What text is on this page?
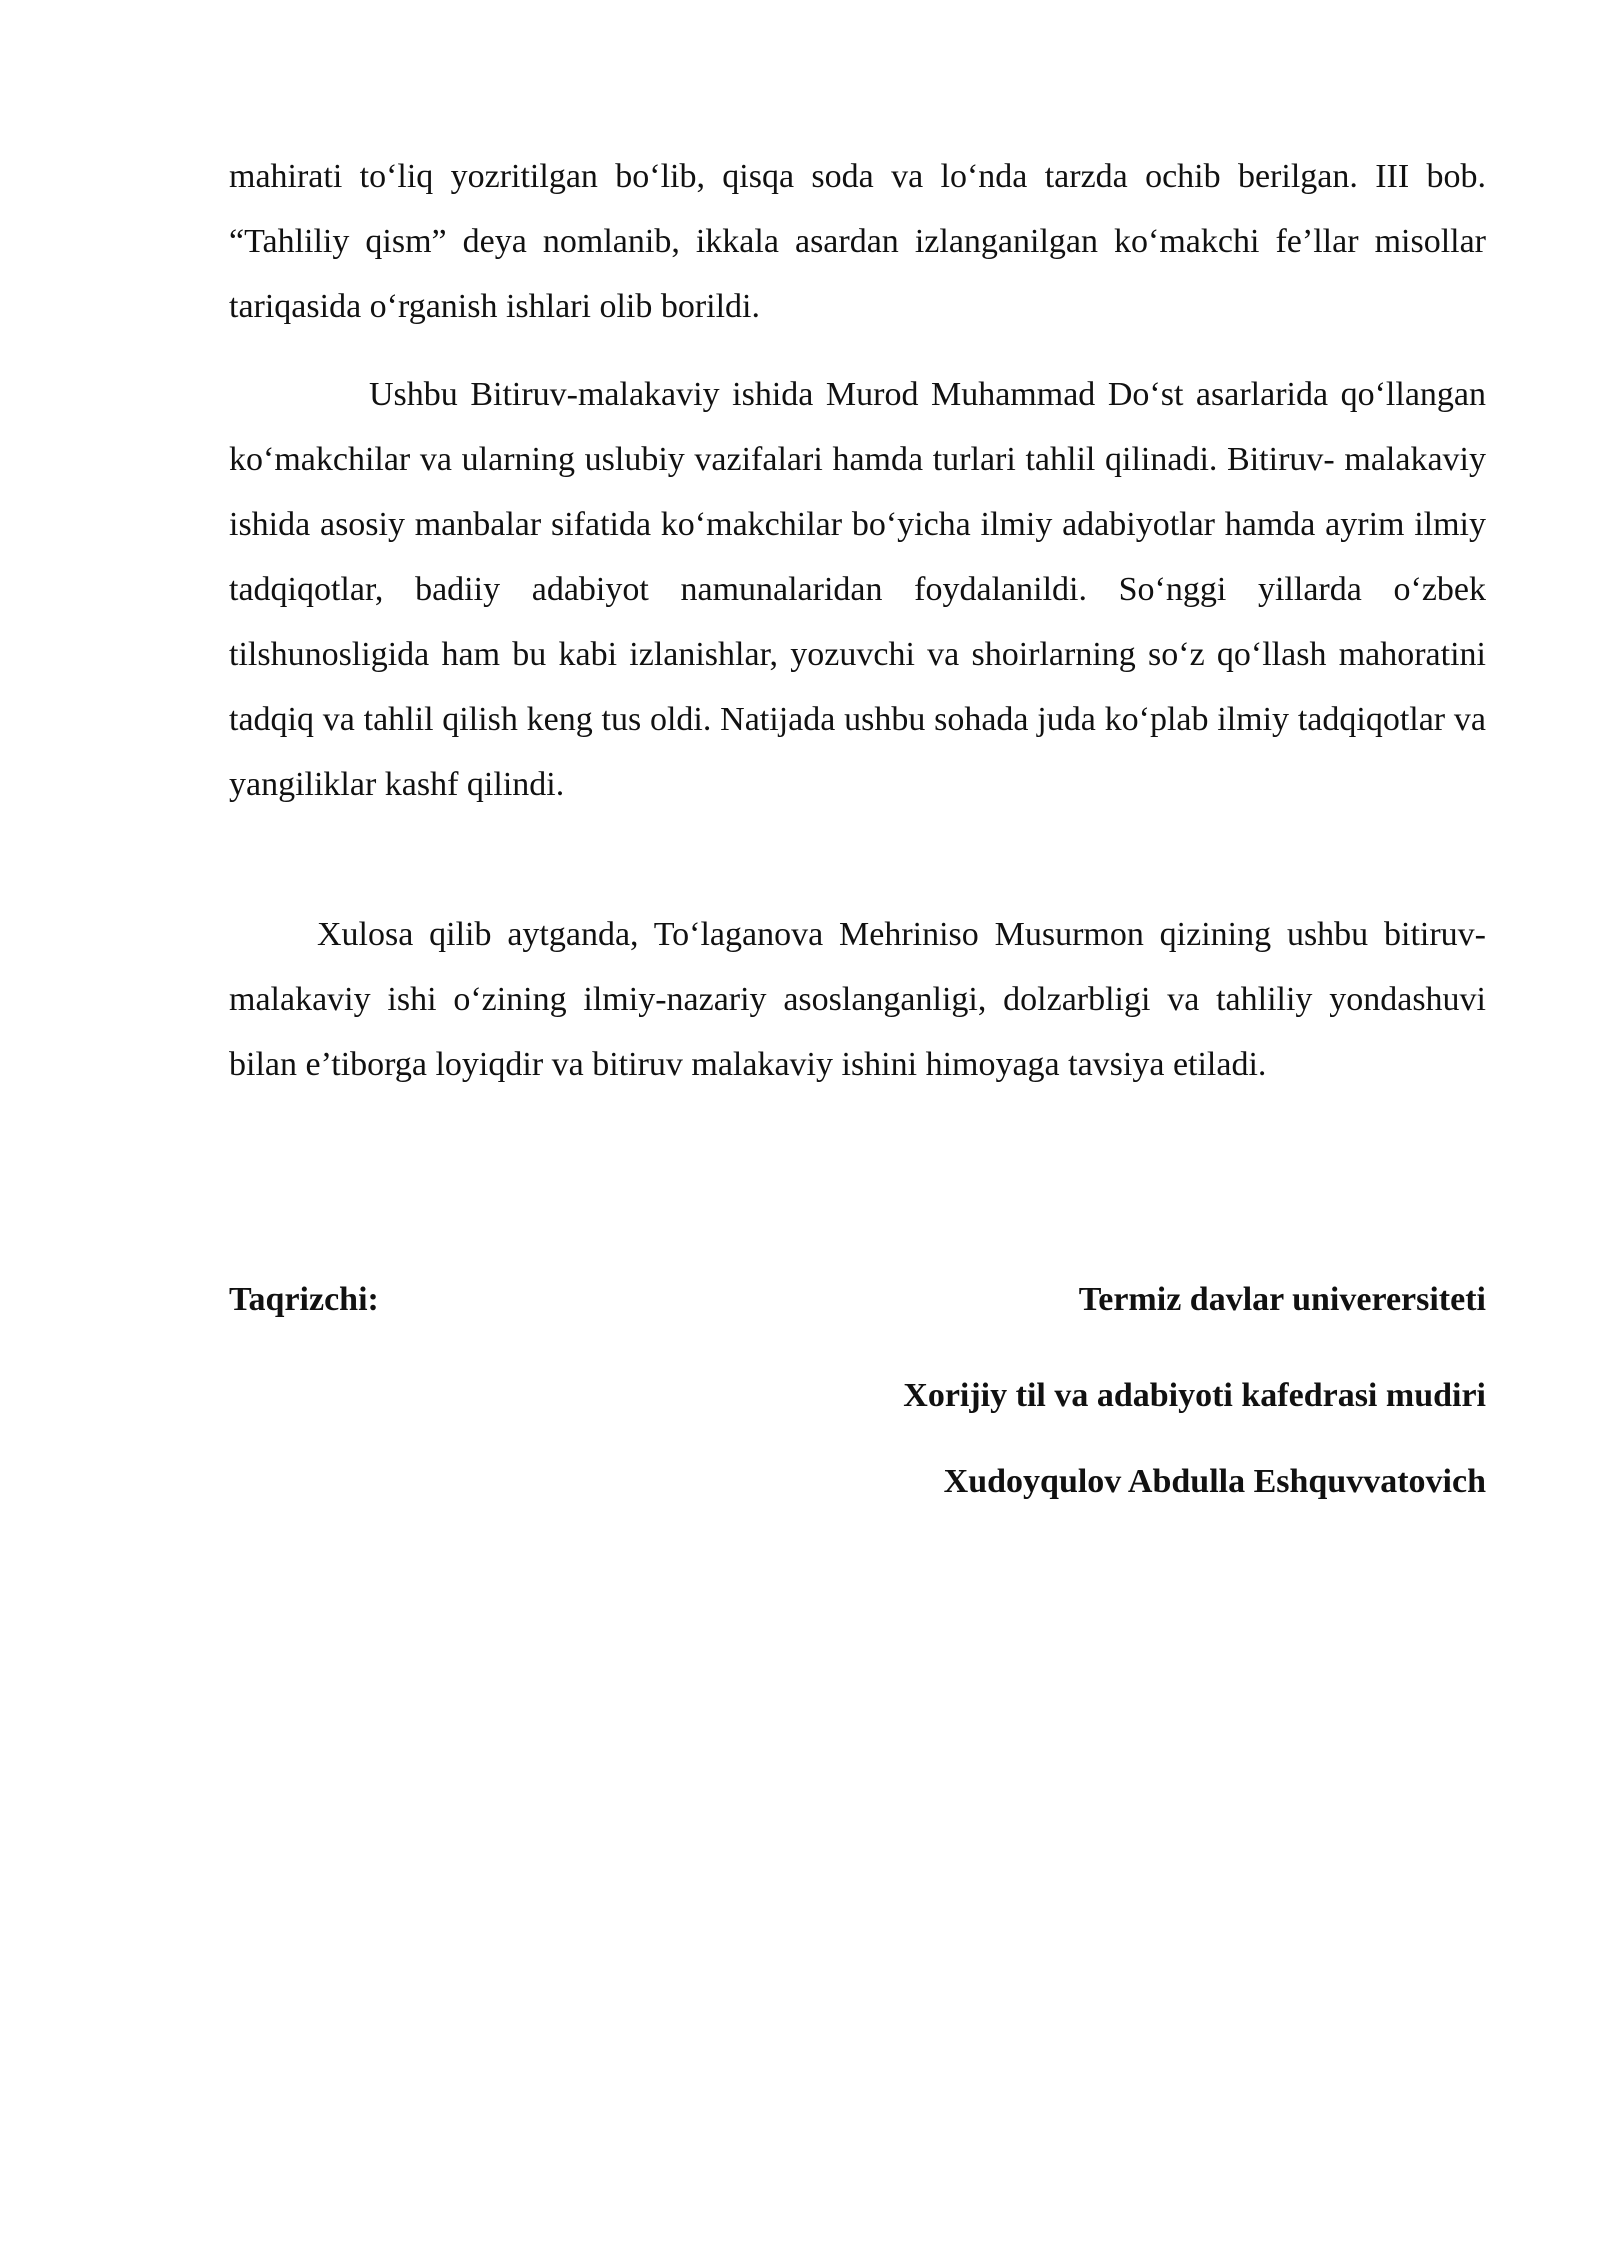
mahirati to‘liq yozritilgan bo‘lib, qisqa soda va lo‘nda tarzda ochib berilgan. III bob. “Tahliliy qism” deya nomlanib, ikkala asardan izlanganilgan ko‘makchi fe’llar misollar tariqasida o‘rganish ishlari olib borildi.

Ushbu Bitiruv-malakaviy ishida Murod Muhammad Do‘st asarlarida qo‘llangan ko‘makchilar va ularning uslubiy vazifalari hamda turlari tahlil qilinadi. Bitiruv- malakaviy ishida asosiy manbalar sifatida ko‘makchilar bo‘yicha ilmiy adabiyotlar hamda ayrim ilmiy tadqiqotlar, badiiy adabiyot namunalaridan foydalanildi. So‘nggi yillarda o‘zbek tilshunosligida ham bu kabi izlanishlar, yozuvchi va shoirlarning so‘z qo‘llash mahoratini tadqiq va tahlil qilish keng tus oldi. Natijada ushbu sohada juda ko‘plab ilmiy tadqiqotlar va yangiliklar kashf qilindi.

Xulosa qilib aytganda, To‘laganova Mehriniso Musurmon qizining ushbu bitiruv-malakaviy ishi o‘zining ilmiy-nazariy asoslanganligi, dolzarbligi va tahliliy yondashuvi bilan e’tiborga loyiqdir va bitiruv malakaviy ishini himoyaga tavsiya etiladi.

Taqrizchi:	Termiz davlar univerersiteti
Xorijiy til va adabiyoti kafedrasi mudiri
Xudoyqulov Abdulla Eshquvvatovich
